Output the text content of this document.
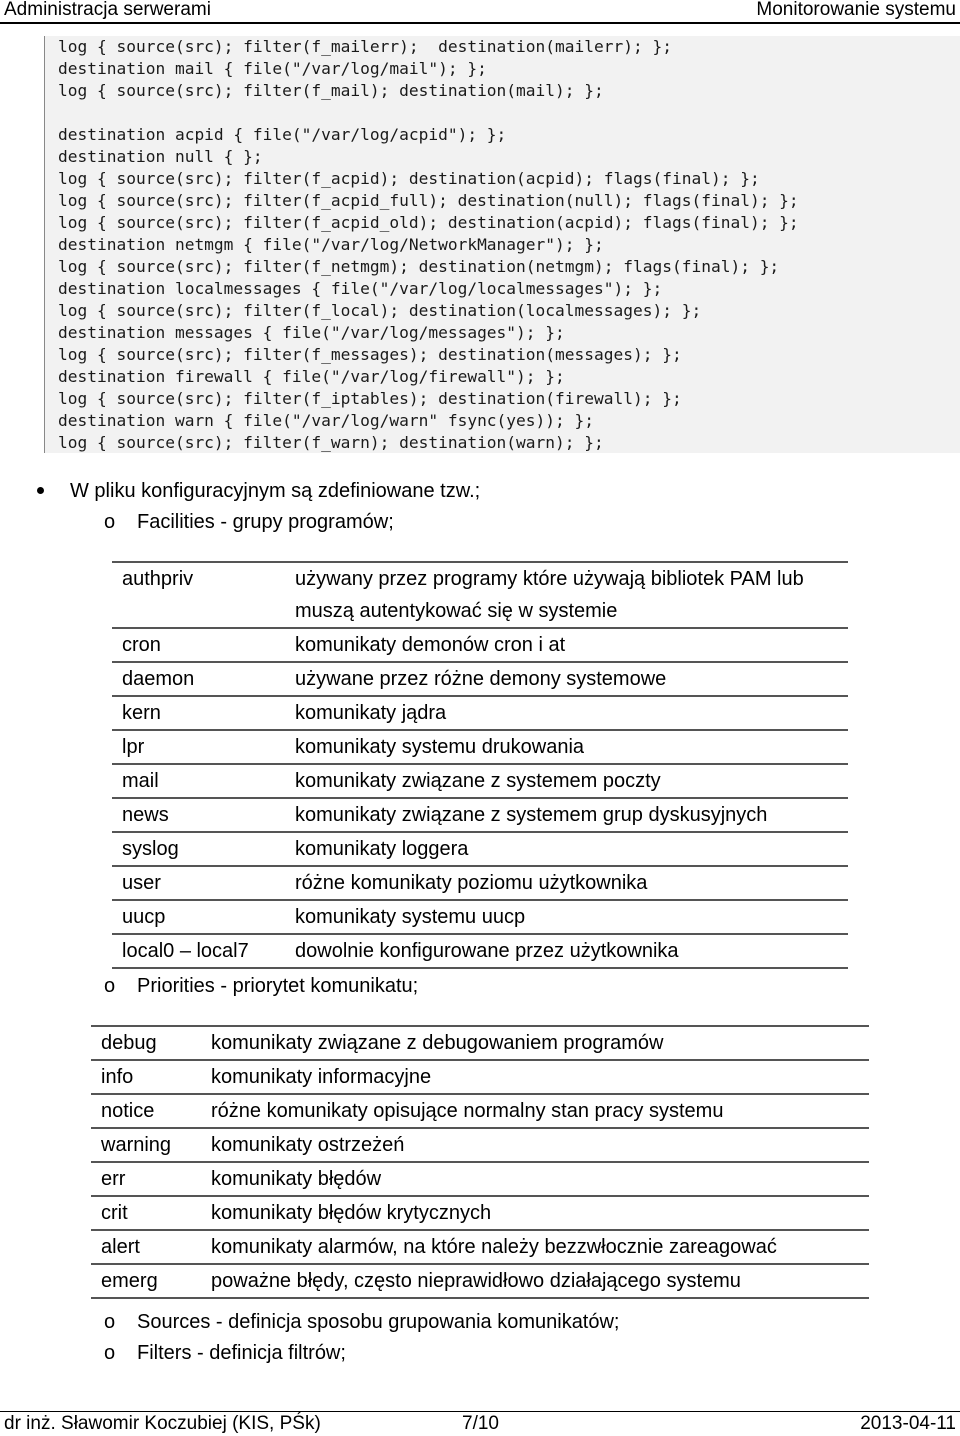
Administracja serwerami	Monitorowanie systemu
log { source(src); filter(f_mailerr);  destination(mailerr); };
destination mail { file("/var/log/mail"); };
log { source(src); filter(f_mail); destination(mail); };
destination acpid { file("/var/log/acpid"); };
destination null { };
log { source(src); filter(f_acpid); destination(acpid); flags(final); };
log { source(src); filter(f_acpid_full); destination(null); flags(final); };
log { source(src); filter(f_acpid_old); destination(acpid); flags(final); };
destination netmgm { file("/var/log/NetworkManager"); };
log { source(src); filter(f_netmgm); destination(netmgm); flags(final); };
destination localmessages { file("/var/log/localmessages"); };
log { source(src); filter(f_local); destination(localmessages); };
destination messages { file("/var/log/messages"); };
log { source(src); filter(f_messages); destination(messages); };
destination firewall { file("/var/log/firewall"); };
log { source(src); filter(f_iptables); destination(firewall); };
destination warn { file("/var/log/warn" fsync(yes)); };
log { source(src); filter(f_warn); destination(warn); };
W pliku konfiguracyjnym są zdefiniowane tzw.;
o Facilities - grupy programów;
authpriv	używany przez programy które używają bibliotek PAM lub muszą autentykować się w systemie
cron	komunikaty demonów cron i at
daemon	używane przez różne demony systemowe
kern	komunikaty jądra
lpr	komunikaty systemu drukowania
mail	komunikaty związane z systemem poczty
news	komunikaty związane z systemem grup dyskusyjnych
syslog	komunikaty loggera
user	różne komunikaty poziomu użytkownika
uucp	komunikaty systemu uucp
local0 – local7	dowolnie konfigurowane przez użytkownika
o Priorities - priorytet komunikatu;
debug	komunikaty związane z debugowaniem programów
info	komunikaty informacyjne
notice	różne komunikaty opisujące normalny stan pracy systemu
warning	komunikaty ostrzeżeń
err	komunikaty błędów
crit	komunikaty błędów krytycznych
alert	komunikaty alarmów, na które należy bezzwłocznie zareagować
emerg	poważne błędy, często nieprawidłowo działającego systemu
o Sources - definicja sposobu grupowania komunikatów;
o Filters - definicja filtrów;
dr inż. Sławomir Koczubiej (KIS, PŚk)	7/10	2013-04-11
